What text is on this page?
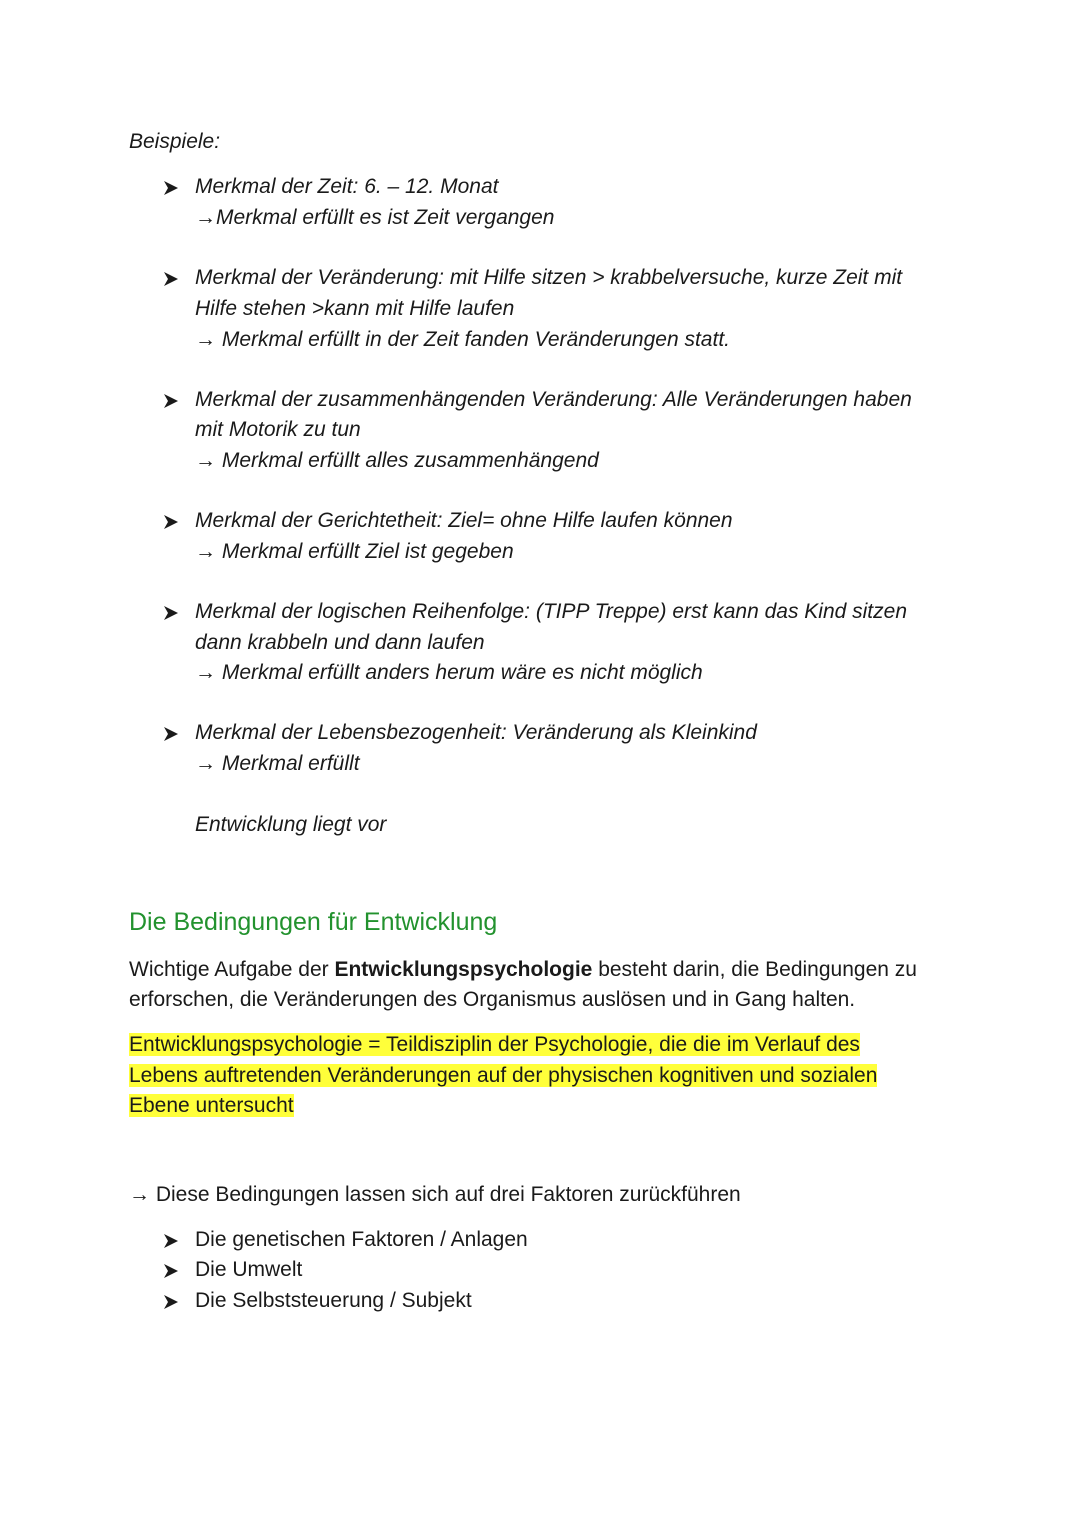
Beispiele:
Merkmal der Zeit: 6. – 12. Monat
→Merkmal erfüllt es ist Zeit vergangen
Merkmal der Veränderung: mit Hilfe sitzen > krabbelversuche, kurze Zeit mit
Hilfe stehen >kann mit Hilfe laufen
→ Merkmal erfüllt in der Zeit fanden Veränderungen statt.
Merkmal der zusammenhängenden Veränderung: Alle Veränderungen haben
mit Motorik zu tun
→ Merkmal erfüllt alles zusammenhängend
Merkmal der Gerichtetheit: Ziel= ohne Hilfe laufen können
→ Merkmal erfüllt Ziel ist gegeben
Merkmal der logischen Reihenfolge: (TIPP Treppe) erst kann das Kind sitzen
dann krabbeln und dann laufen
→ Merkmal erfüllt anders herum wäre es nicht möglich
Merkmal der Lebensbezogenheit: Veränderung als Kleinkind
→ Merkmal erfüllt
Entwicklung liegt vor
Die Bedingungen für Entwicklung
Wichtige Aufgabe der Entwicklungspsychologie besteht darin, die Bedingungen zu
erforschen, die Veränderungen des Organismus auslösen und in Gang halten.
Entwicklungspsychologie = Teildisziplin der Psychologie, die die im Verlauf des
Lebens auftretenden Veränderungen auf der physischen kognitiven und sozialen
Ebene untersucht
→ Diese Bedingungen lassen sich auf drei Faktoren zurückführen
Die genetischen Faktoren / Anlagen
Die Umwelt
Die Selbststeuerung / Subjekt
